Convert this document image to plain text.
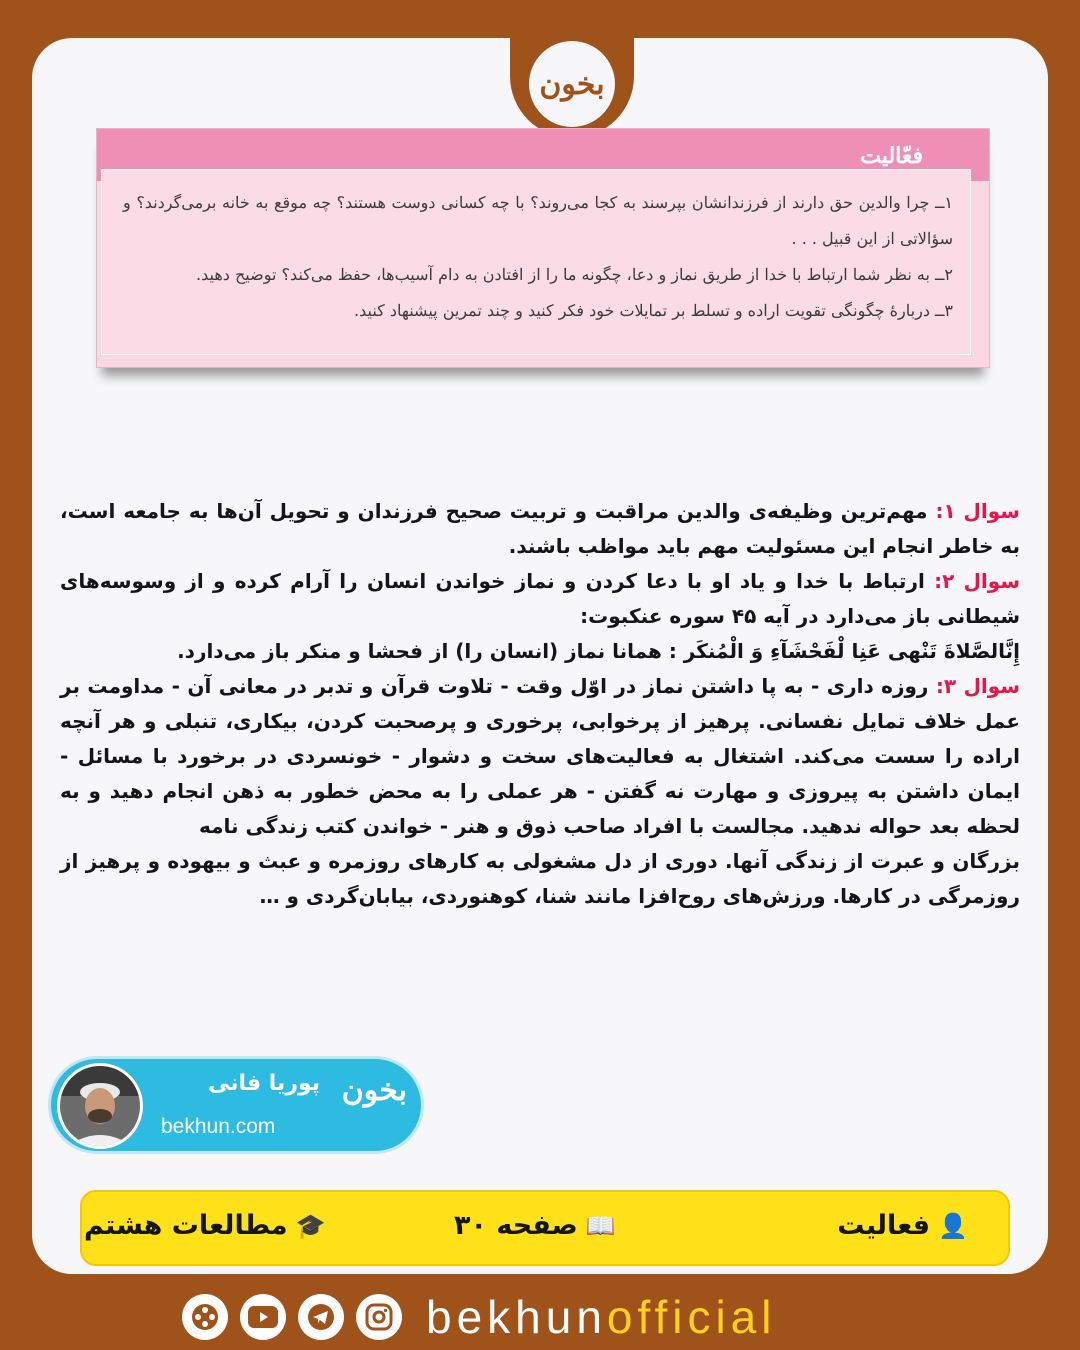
بخون
فعّالیت

۱ــ چرا والدین حق دارند از فرزندانشان بپرسند به کجا می‌روند؟ با چه کسانی دوست هستند؟ چه موقع به خانه برمی‌گردند؟ و سؤالاتی از این قبیل . . .

۲ــ به نظر شما ارتباط با خدا از طریق نماز و دعا، چگونه ما را از افتادن به دام آسیب‌ها، حفظ می‌کند؟ توضیح دهید.

۳ــ دربارهٔ چگونگی تقویت اراده و تسلط بر تمایلات خود فکر کنید و چند تمرین پیشنهاد کنید.

سوال ۱: مهم‌ترین وظیفه‌ی والدین مراقبت و تربیت صحیح فرزندان و تحویل آن‌ها به جامعه است، به خاطر انجام این مسئولیت مهم باید مواظب باشند.

سوال ۲: ارتباط با خدا و یاد او با دعا کردن و نماز خواندن انسان را آرام کرده و از وسوسه‌های شیطانی باز می‌دارد در آیه ۴۵ سوره عنکبوت:

إِنَّالصَّلاةَ تَنْهی عَنِا لْفَحْشَآءِ وَ الْمُنکَر : همانا نماز (انسان را) از فحشا و منکر باز می‌دارد.

سوال ۳: روزه داری - به پا داشتن نماز در اوّل وقت - تلاوت قرآن و تدبر در معانی آن - مداومت بر عمل خلاف تمایل نفسانی. پرهیز از پرخوابی، پرخوری و پرصحبت کردن، بیکاری، تنبلی و هر آنچه اراده را سست می‌کند. اشتغال به فعالیت‌های سخت و دشوار - خونسردی در برخورد با مسائل - ایمان داشتن به پیروزی و مهارت نه گفتن - هر عملی را به محض خطور به ذهن انجام دهید و به لحظه بعد حواله ندهید. مجالست با افراد صاحب ذوق و هنر - خواندن کتب زندگی نامه

بزرگان و عبرت از زندگی آنها. دوری از دل مشغولی به کارهای روزمره و عبث و بیهوده و پرهیز از روزمرگی در کارها. ورزش‌های روح‌افزا مانند شنا، کوهنوردی، بیابان‌گردی و …

پوریا فانی
bekhun.com
بخون
👤
فعالیت
📖
صفحه ۳۰
🎓
مطالعات هشتم
bekhunofficial
